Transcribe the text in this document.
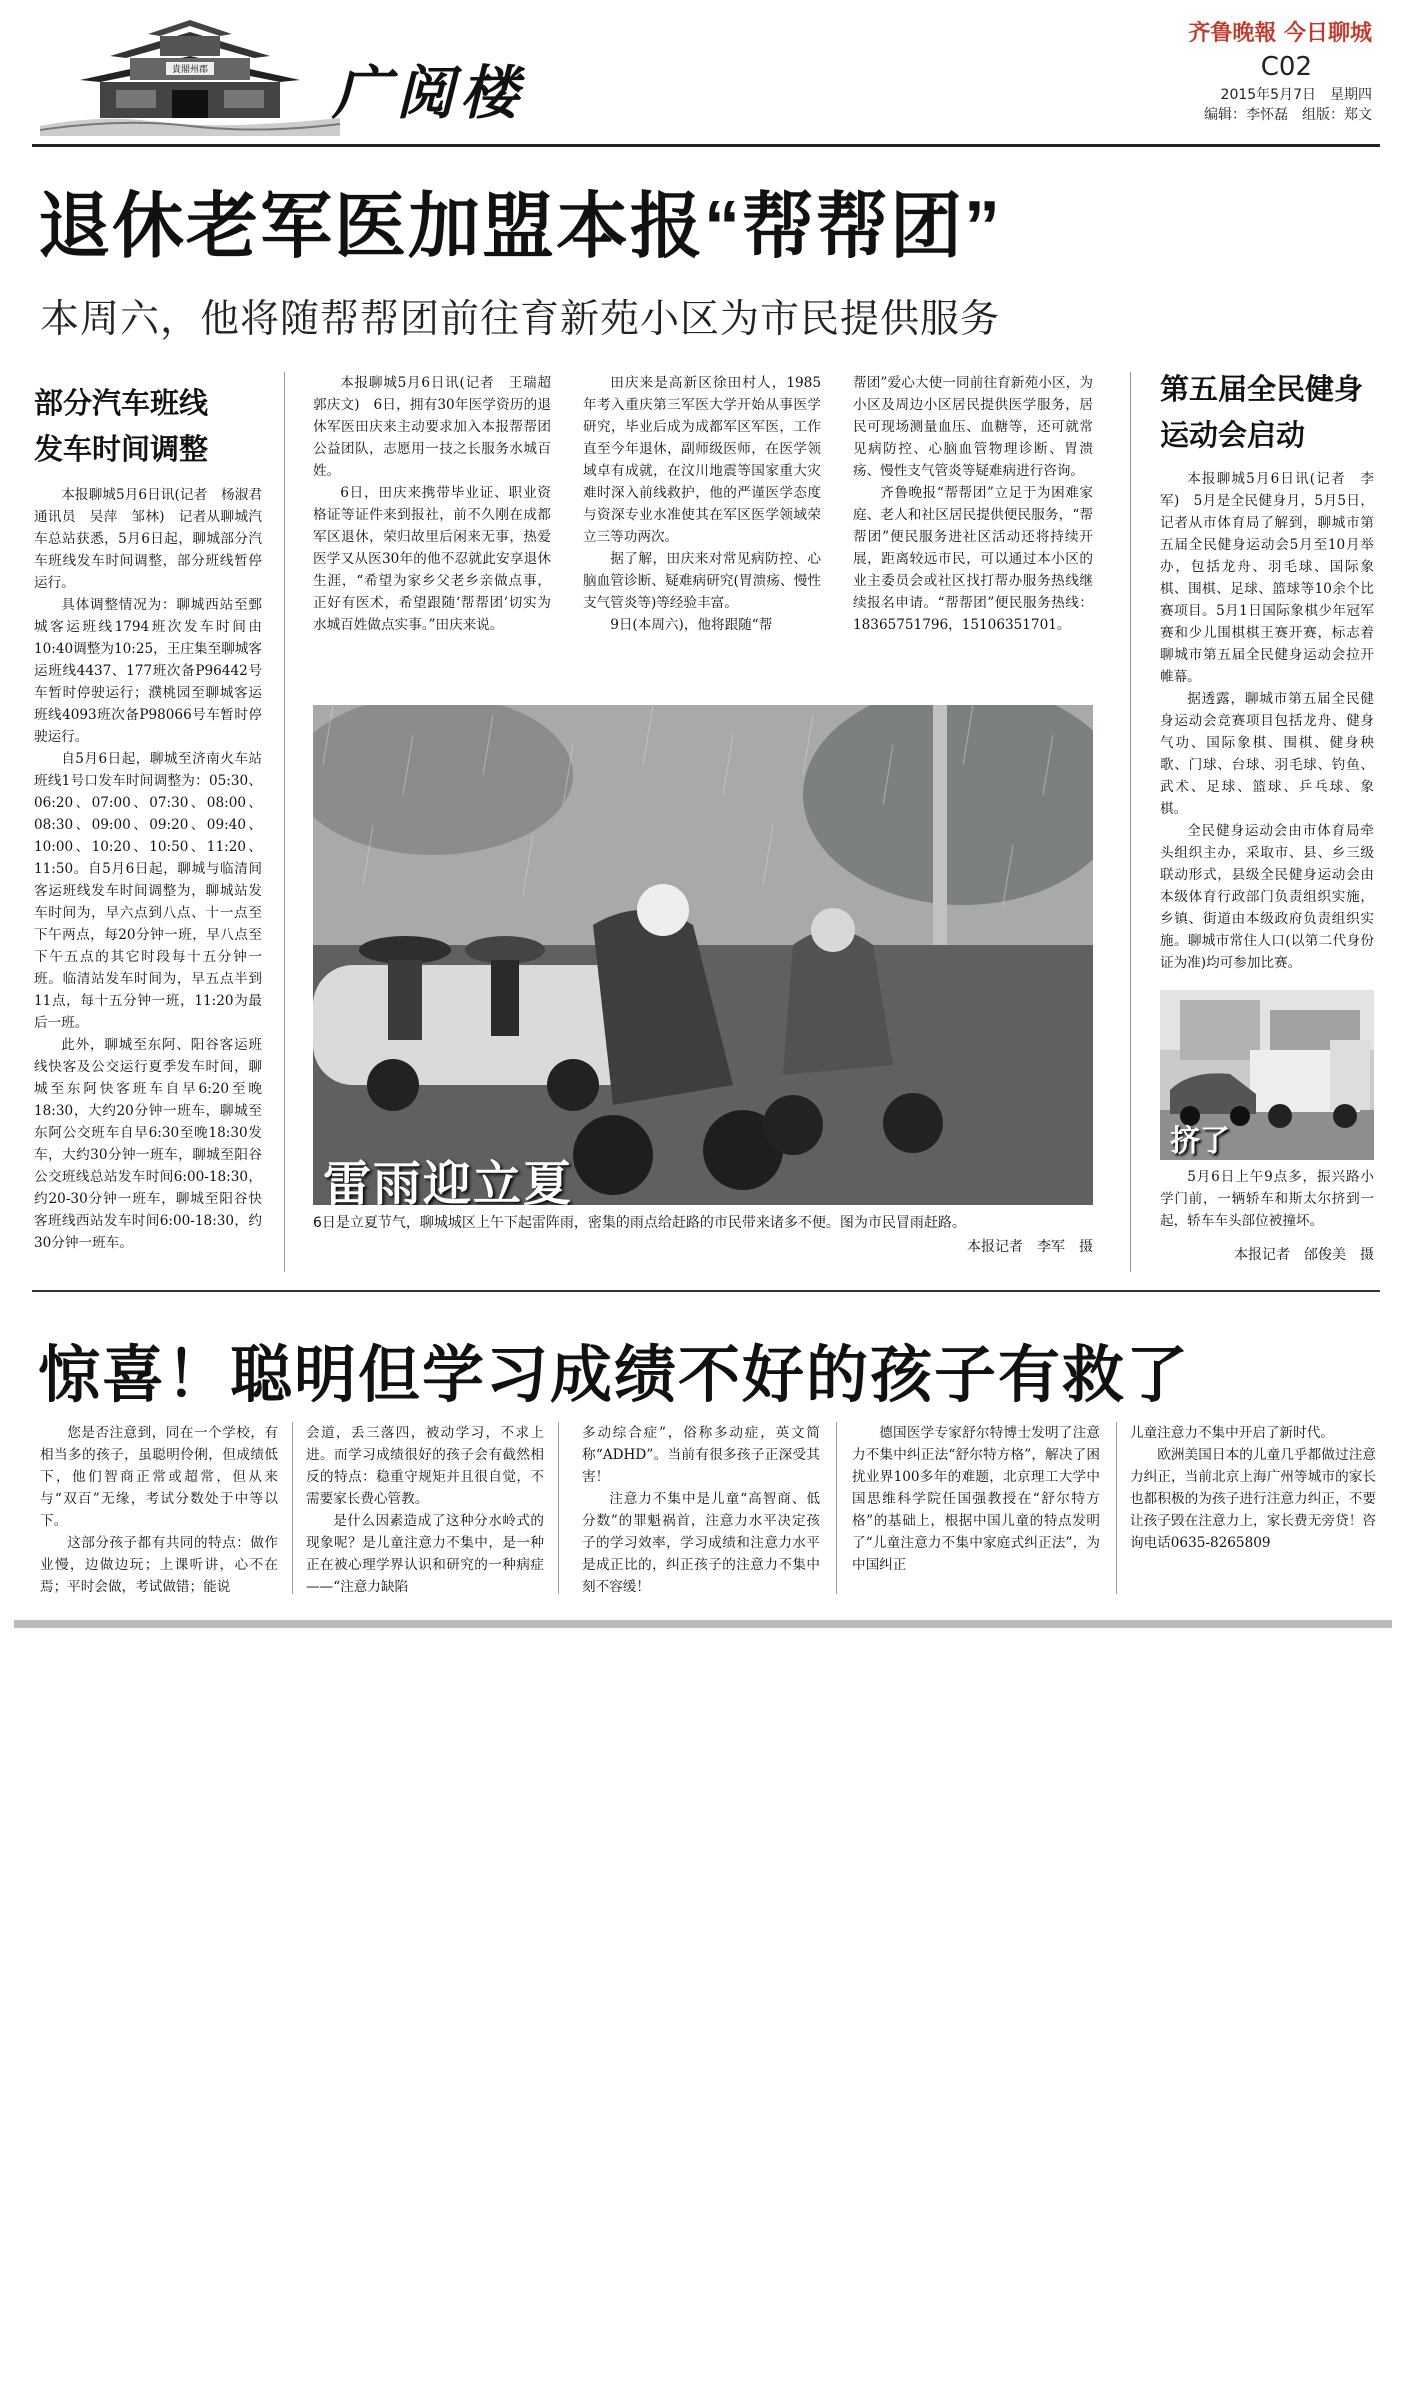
貴閣州郡 广阅楼
齐鲁晚報 今日聊城
C02
2015年5月7日　星期四
编辑：李怀磊　组版：郑文
退休老军医加盟本报“帮帮团”
本周六，他将随帮帮团前往育新苑小区为市民提供服务
部分汽车班线
发车时间调整

本报聊城5月6日讯(记者　杨淑君　通讯员　吴萍　邹林)　记者从聊城汽车总站获悉，5月6日起，聊城部分汽车班线发车时间调整，部分班线暂停运行。

具体调整情况为：聊城西站至鄄城客运班线1794班次发车时间由10:40调整为10:25，王庄集至聊城客运班线4437、177班次备P96442号车暂时停驶运行；濮桃园至聊城客运班线4093班次备P98066号车暂时停驶运行。

自5月6日起，聊城至济南火车站班线1号口发车时间调整为：05:30、06:20、07:00、07:30、08:00、08:30、09:00、09:20、09:40、10:00、10:20、10:50、11:20、11:50。自5月6日起，聊城与临清间客运班线发车时间调整为，聊城站发车时间为，早六点到八点、十一点至下午两点，每20分钟一班，早八点至下午五点的其它时段每十五分钟一班。临清站发车时间为，早五点半到11点，每十五分钟一班，11:20为最后一班。

此外，聊城至东阿、阳谷客运班线快客及公交运行夏季发车时间，聊城至东阿快客班车自早6:20至晚18:30，大约20分钟一班车，聊城至东阿公交班车自早6:30至晚18:30发车，大约30分钟一班车，聊城至阳谷公交班线总站发车时间6:00-18:30，约20-30分钟一班车，聊城至阳谷快客班线西站发车时间6:00-18:30，约30分钟一班车。

本报聊城5月6日讯(记者　王瑞超　郭庆文)　6日，拥有30年医学资历的退休军医田庆来主动要求加入本报帮帮团公益团队，志愿用一技之长服务水城百姓。

6日，田庆来携带毕业证、职业资格证等证件来到报社，前不久刚在成都军区退休，荣归故里后闲来无事，热爱医学又从医30年的他不忍就此安享退休生涯，“希望为家乡父老乡亲做点事，正好有医术，希望跟随‘帮帮团’切实为水城百姓做点实事。”田庆来说。

田庆来是高新区徐田村人，1985年考入重庆第三军医大学开始从事医学研究，毕业后成为成都军区军医，工作直至今年退休，副师级医师，在医学领域卓有成就，在汶川地震等国家重大灾难时深入前线救护，他的严谨医学态度与资深专业水准使其在军区医学领域荣立三等功两次。

据了解，田庆来对常见病防控、心脑血管诊断、疑难病研究(胃溃疡、慢性支气管炎等)等经验丰富。

9日(本周六)，他将跟随“帮

帮团”爱心大使一同前往育新苑小区，为小区及周边小区居民提供医学服务，居民可现场测量血压、血糖等，还可就常见病防控、心脑血管物理诊断、胃溃疡、慢性支气管炎等疑难病进行咨询。

齐鲁晚报“帮帮团”立足于为困难家庭、老人和社区居民提供便民服务，“帮帮团”便民服务进社区活动还将持续开展，距离较远市民，可以通过本小区的业主委员会或社区找打帮办服务热线继续报名申请。“帮帮团”便民服务热线：18365751796，15106351701。

雷雨迎立夏
6日是立夏节气，聊城城区上午下起雷阵雨，密集的雨点给赶路的市民带来诸多不便。图为市民冒雨赶路。
本报记者　李军　摄
第五届全民健身
运动会启动

本报聊城5月6日讯(记者　李军)　5月是全民健身月，5月5日，记者从市体育局了解到，聊城市第五届全民健身运动会5月至10月举办，包括龙舟、羽毛球、国际象棋、围棋、足球、篮球等10余个比赛项目。5月1日国际象棋少年冠军赛和少儿围棋棋王赛开赛，标志着聊城市第五届全民健身运动会拉开帷幕。

据透露，聊城市第五届全民健身运动会竞赛项目包括龙舟、健身气功、国际象棋、围棋、健身秧歌、门球、台球、羽毛球、钓鱼、武术、足球、篮球、乒乓球、象棋。

全民健身运动会由市体育局牵头组织主办，采取市、县、乡三级联动形式，县级全民健身运动会由本级体育行政部门负责组织实施，乡镇、街道由本级政府负责组织实施。聊城市常住人口(以第二代身份证为准)均可参加比赛。

挤了

5月6日上午9点多，振兴路小学门前，一辆轿车和斯太尔挤到一起，轿车车头部位被撞坏。

本报记者　邰俊美　摄
惊喜！聪明但学习成绩不好的孩子有救了

您是否注意到，同在一个学校，有相当多的孩子，虽聪明伶俐，但成绩低下，他们智商正常或超常，但从来与“双百”无缘，考试分数处于中等以下。

这部分孩子都有共同的特点：做作业慢，边做边玩；上课听讲，心不在焉；平时会做，考试做错；能说

会道，丢三落四，被动学习，不求上进。而学习成绩很好的孩子会有截然相反的特点：稳重守规矩并且很自觉，不需要家长费心管教。

是什么因素造成了这种分水岭式的现象呢？是儿童注意力不集中，是一种正在被心理学界认识和研究的一种病症——“注意力缺陷

多动综合症”，俗称多动症，英文简称“ADHD”。当前有很多孩子正深受其害！

注意力不集中是儿童“高智商、低分数”的罪魁祸首，注意力水平决定孩子的学习效率，学习成绩和注意力水平是成正比的，纠正孩子的注意力不集中刻不容缓！

德国医学专家舒尔特博士发明了注意力不集中纠正法“舒尔特方格”，解决了困扰业界100多年的难题，北京理工大学中国思维科学院任国强教授在“舒尔特方格”的基础上，根据中国儿童的特点发明了“儿童注意力不集中家庭式纠正法”，为中国纠正

儿童注意力不集中开启了新时代。

欧洲美国日本的儿童几乎都做过注意力纠正，当前北京上海广州等城市的家长也都积极的为孩子进行注意力纠正，不要让孩子毁在注意力上，家长费无旁贷！咨询电话0635-8265809
